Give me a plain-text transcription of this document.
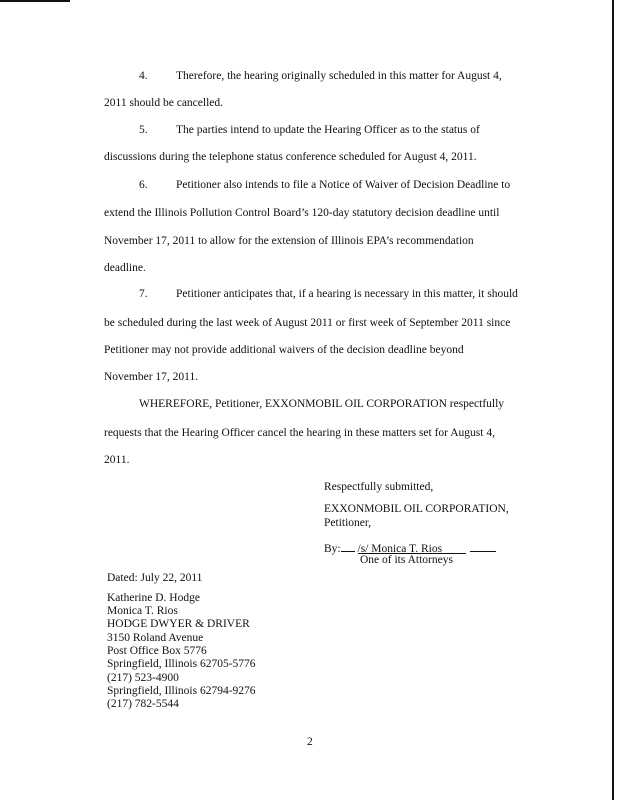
4. Therefore, the hearing originally scheduled in this matter for August 4,
2011 should be cancelled.
5. The parties intend to update the Hearing Officer as to the status of
discussions during the telephone status conference scheduled for August 4, 2011.
6. Petitioner also intends to file a Notice of Waiver of Decision Deadline to
extend the Illinois Pollution Control Board’s 120-day statutory decision deadline until
November 17, 2011 to allow for the extension of Illinois EPA’s recommendation
deadline.
7. Petitioner anticipates that, if a hearing is necessary in this matter, it should
be scheduled during the last week of August 2011 or first week of September 2011 since
Petitioner may not provide additional waivers of the decision deadline beyond
November 17, 2011.
WHEREFORE, Petitioner, EXXONMOBIL OIL CORPORATION respectfully
requests that the Hearing Officer cancel the hearing in these matters set for August 4,
2011.
Respectfully submitted,
EXXONMOBIL OIL CORPORATION,
Petitioner,
By: /s/ Monica T. Rios
One of its Attorneys
Dated: July 22, 2011
Katherine D. Hodge
Monica T. Rios
HODGE DWYER & DRIVER
3150 Roland Avenue
Post Office Box 5776
Springfield, Illinois 62705-5776
(217) 523-4900
Springfield, Illinois 62794-9276
(217) 782-5544
2
